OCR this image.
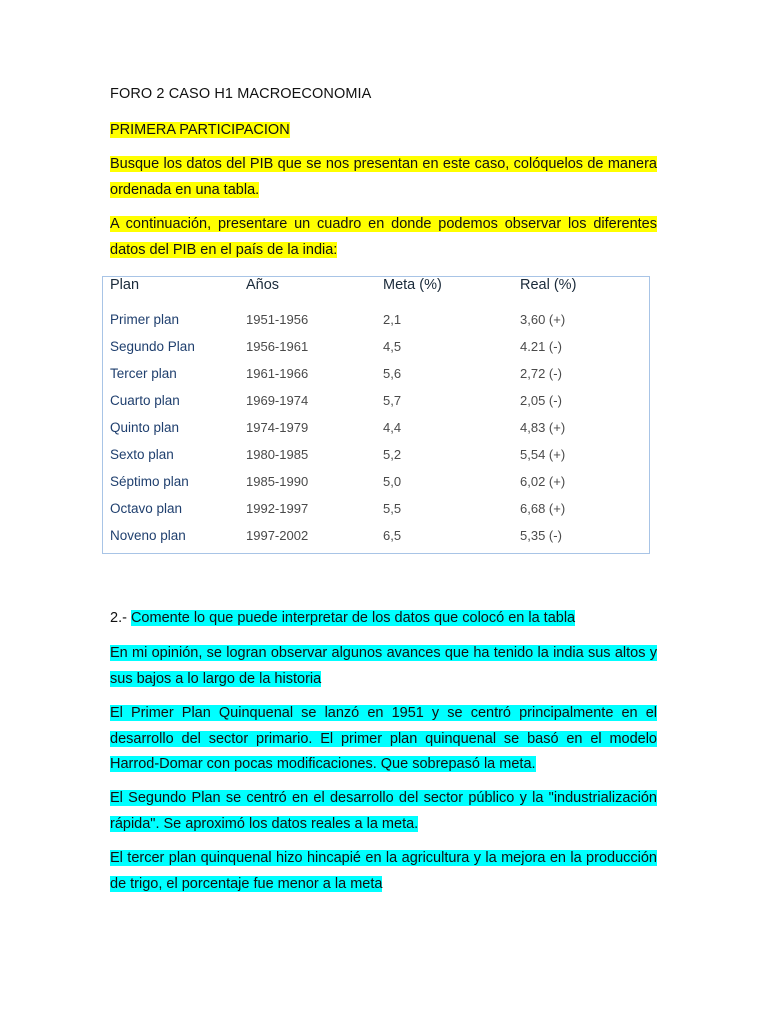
FORO 2 CASO H1 MACROECONOMIA
PRIMERA PARTICIPACION
Busque los datos del PIB que se nos presentan en este caso, colóquelos de manera ordenada en una tabla.
A continuación, presentare un cuadro en donde podemos observar los diferentes datos del PIB en el país de la india:
Plan	Años	Meta (%)	Real (%)
Primer plan	1951-1956	2,1	3,60 (+)
Segundo Plan	1956-1961	4,5	4.21 (-)
Tercer plan	1961-1966	5,6	2,72 (-)
Cuarto plan	1969-1974	5,7	2,05 (-)
Quinto plan	1974-1979	4,4	4,83 (+)
Sexto plan	1980-1985	5,2	5,54 (+)
Séptimo plan	1985-1990	5,0	6,02 (+)
Octavo plan	1992-1997	5,5	6,68 (+)
Noveno plan	1997-2002	6,5	5,35 (-)
2.- Comente lo que puede interpretar de los datos que colocó en la tabla
En mi opinión, se logran observar algunos avances que ha tenido la india sus altos y sus bajos a lo largo de la historia
El Primer Plan Quinquenal se lanzó en 1951 y se centró principalmente en el desarrollo del sector primario. El primer plan quinquenal se basó en el modelo Harrod-Domar con pocas modificaciones. Que sobrepasó la meta.
El Segundo Plan se centró en el desarrollo del sector público y la "industrialización rápida". Se aproximó los datos reales a la meta.
El tercer plan quinquenal hizo hincapié en la agricultura y la mejora en la producción de trigo, el porcentaje fue menor a la meta
